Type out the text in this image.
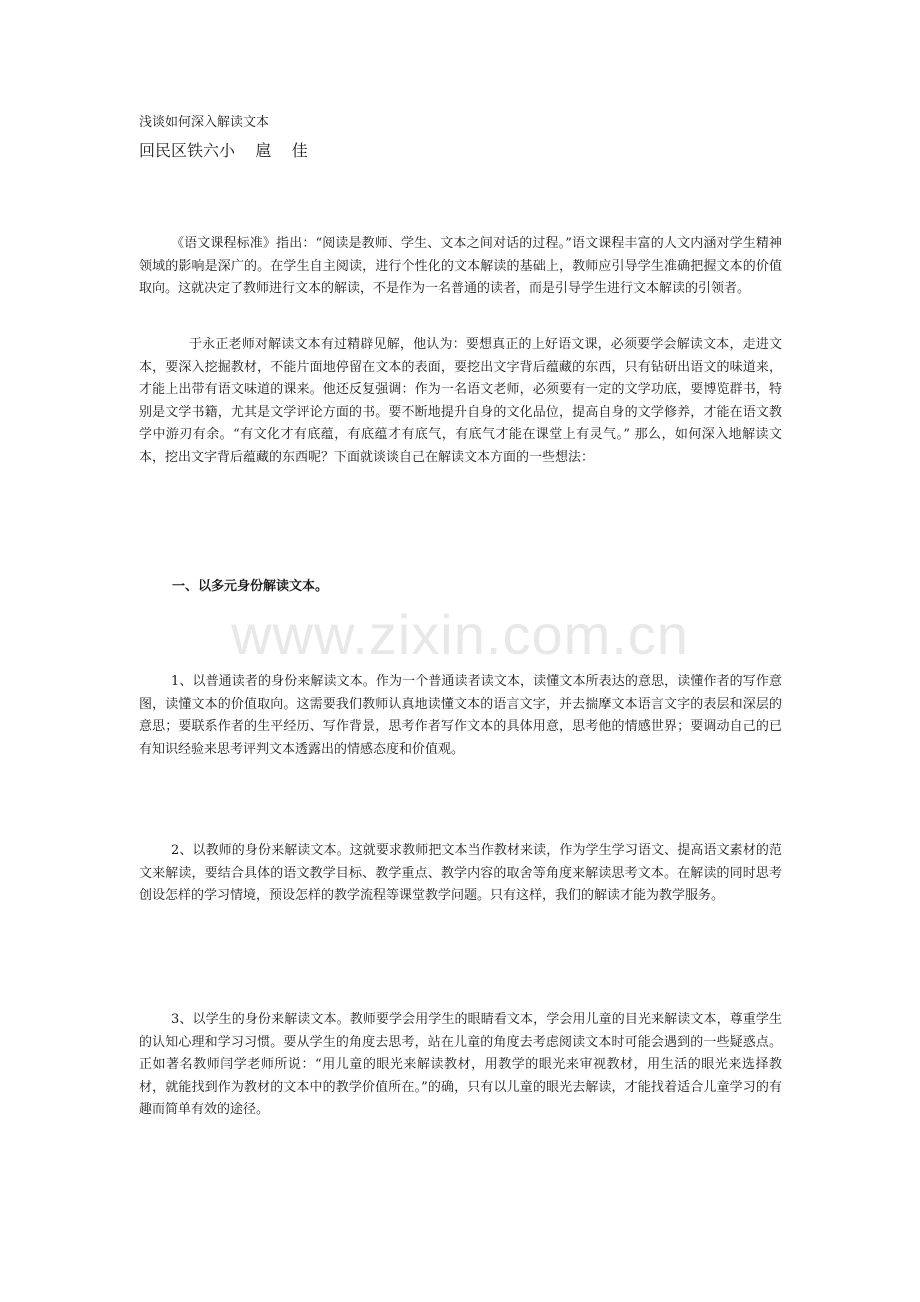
浅谈如何深入解读文本

回民区铁六小    扈    佳

《语文课程标准》指出：“阅读是教师、学生、文本之间对话的过程。”语文课程丰富的人文内涵对学生精神领域的影响是深广的。在学生自主阅读，进行个性化的文本解读的基础上，教师应引导学生准确把握文本的价值取向。这就决定了教师进行文本的解读，不是作为一名普通的读者，而是引导学生进行文本解读的引领者。

于永正老师对解读文本有过精辟见解，他认为：要想真正的上好语文课，必须要学会解读文本，走进文本，要深入挖掘教材，不能片面地停留在文本的表面，要挖出文字背后蕴藏的东西，只有钻研出语文的味道来，才能上出带有语文味道的课来。他还反复强调：作为一名语文老师，必须要有一定的文学功底，要博览群书，特别是文学书籍，尤其是文学评论方面的书。要不断地提升自身的文化品位，提高自身的文学修养，才能在语文教学中游刃有余。“有文化才有底蕴，有底蕴才有底气，有底气才能在课堂上有灵气。” 那么，如何深入地解读文本，挖出文字背后蕴藏的东西呢？下面就谈谈自己在解读文本方面的一些想法：

www.zixin.com.cn
一、以多元身份解读文本。

1、以普通读者的身份来解读文本。作为一个普通读者读文本，读懂文本所表达的意思，读懂作者的写作意图，读懂文本的价值取向。这需要我们教师认真地读懂文本的语言文字，并去揣摩文本语言文字的表层和深层的意思；要联系作者的生平经历、写作背景，思考作者写作文本的具体用意，思考他的情感世界；要调动自己的已有知识经验来思考评判文本透露出的情感态度和价值观。

2、以教师的身份来解读文本。这就要求教师把文本当作教材来读，作为学生学习语文、提高语文素材的范文来解读，要结合具体的语文教学目标、教学重点、教学内容的取舍等角度来解读思考文本。在解读的同时思考创设怎样的学习情境，预设怎样的教学流程等课堂教学问题。只有这样，我们的解读才能为教学服务。

3、以学生的身份来解读文本。教师要学会用学生的眼睛看文本，学会用儿童的目光来解读文本，尊重学生的认知心理和学习习惯。要从学生的角度去思考，站在儿童的角度去考虑阅读文本时可能会遇到的一些疑惑点。正如著名教师闫学老师所说：“用儿童的眼光来解读教材，用教学的眼光来审视教材，用生活的眼光来选择教材，就能找到作为教材的文本中的教学价值所在。”的确，只有以儿童的眼光去解读，才能找着适合儿童学习的有趣而简单有效的途径。
